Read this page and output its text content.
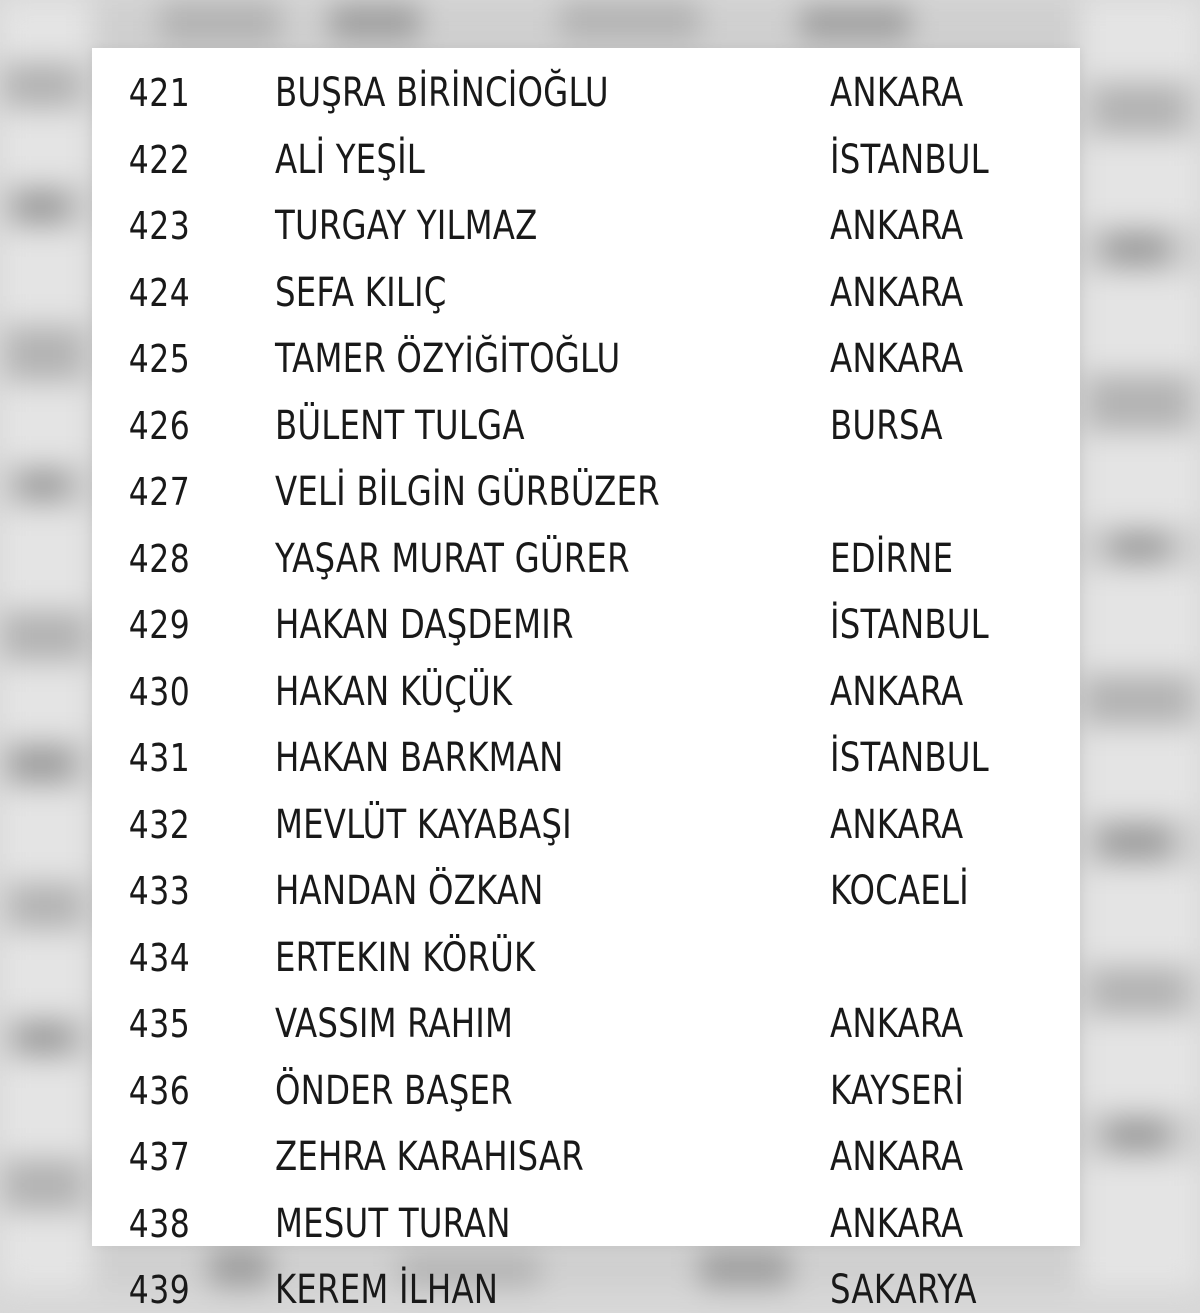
421	BUŞRA BİRİNCİOĞLU	ANKARA
422	ALİ YEŞİL	İSTANBUL
423	TURGAY YILMAZ	ANKARA
424	SEFA KILIÇ	ANKARA
425	TAMER ÖZYİĞİTOĞLU	ANKARA
426	BÜLENT TULGA	BURSA
427	VELİ BİLGİN GÜRBÜZER
428	YAŞAR MURAT GÜRER	EDİRNE
429	HAKAN DAŞDEMIR	İSTANBUL
430	HAKAN KÜÇÜK	ANKARA
431	HAKAN BARKMAN	İSTANBUL
432	MEVLÜT KAYABAŞI	ANKARA
433	HANDAN ÖZKAN	KOCAELİ
434	ERTEKIN KÖRÜK
435	VASSIM RAHIM	ANKARA
436	ÖNDER BAŞER	KAYSERİ
437	ZEHRA KARAHISAR	ANKARA
438	MESUT TURAN	ANKARA
439	KEREM İLHAN	SAKARYA
